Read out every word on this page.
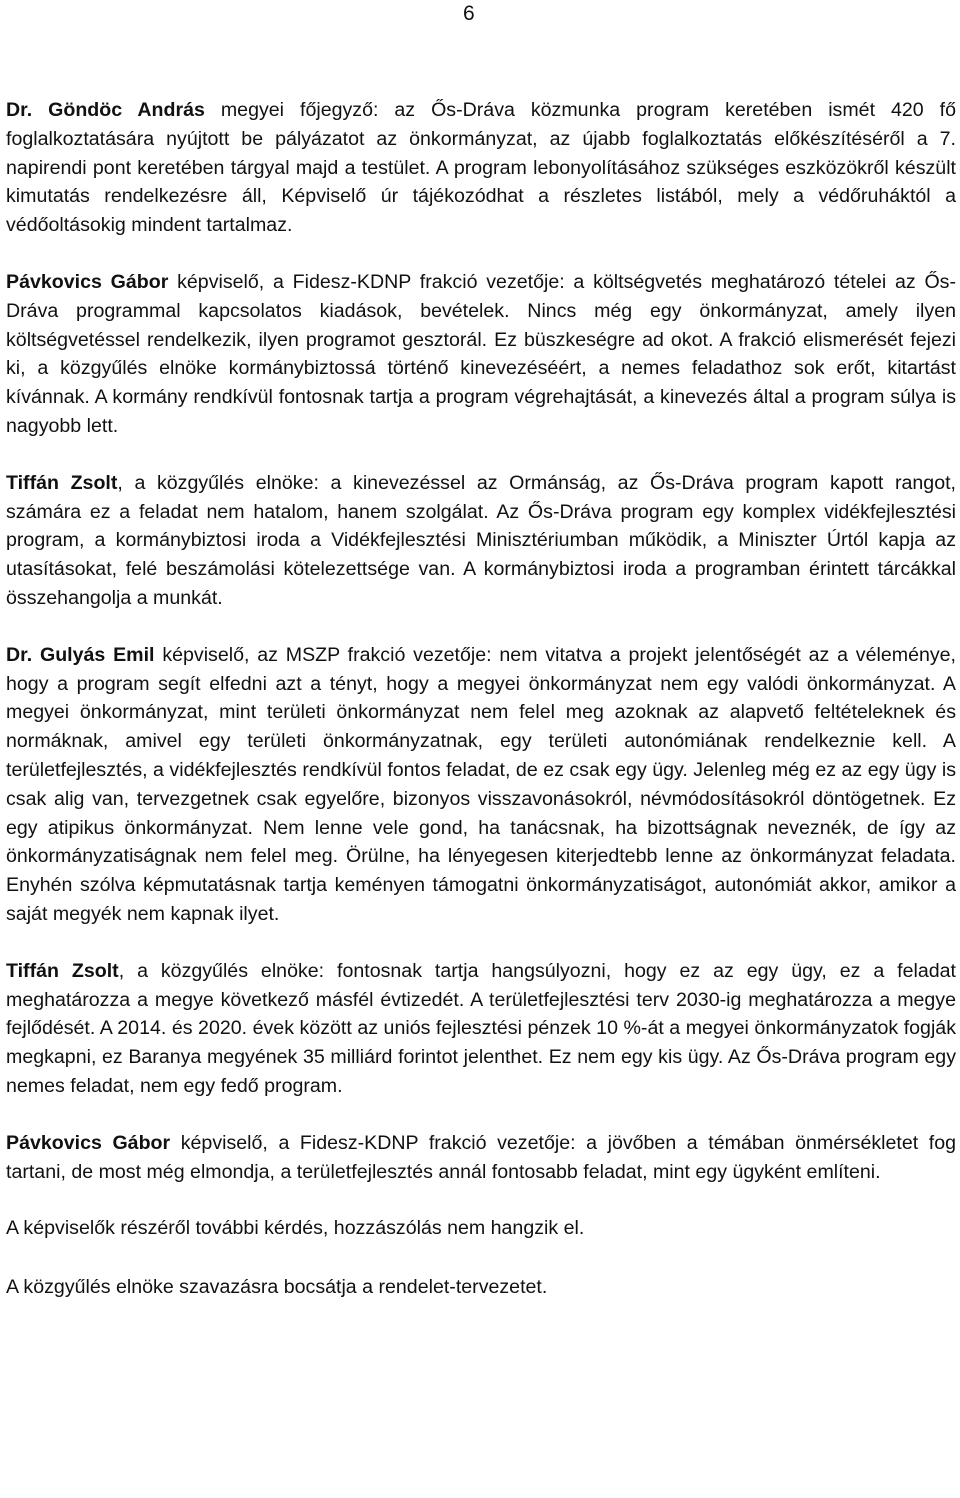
6

Dr. Göndöc András megyei főjegyző: az Ős-Dráva közmunka program keretében ismét 420 fő foglalkoztatására nyújtott be pályázatot az önkormányzat, az újabb foglalkoztatás előkészítéséről a 7. napirendi pont keretében tárgyal majd a testület. A program lebonyolításához szükséges eszközökről készült kimutatás rendelkezésre áll, Képviselő úr tájékozódhat a részletes listából, mely a védőruháktól a védőoltásokig mindent tartalmaz.

Pávkovics Gábor képviselő, a Fidesz-KDNP frakció vezetője: a költségvetés meghatározó tételei az Ős-Dráva programmal kapcsolatos kiadások, bevételek. Nincs még egy önkormányzat, amely ilyen költségvetéssel rendelkezik, ilyen programot gesztorál. Ez büszkeségre ad okot. A frakció elismerését fejezi ki, a közgyűlés elnöke kormánybiztossá történő kinevezéséért, a nemes feladathoz sok erőt, kitartást kívánnak. A kormány rendkívül fontosnak tartja a program végrehajtását, a kinevezés által a program súlya is nagyobb lett.

Tiffán Zsolt, a közgyűlés elnöke: a kinevezéssel az Ormánság, az Ős-Dráva program kapott rangot, számára ez a feladat nem hatalom, hanem szolgálat. Az Ős-Dráva program egy komplex vidékfejlesztési program, a kormánybiztosi iroda a Vidékfejlesztési Minisztériumban működik, a Miniszter Úrtól kapja az utasításokat, felé beszámolási kötelezettsége van. A kormánybiztosi iroda a programban érintett tárcákkal összehangolja a munkát.

Dr. Gulyás Emil képviselő, az MSZP frakció vezetője: nem vitatva a projekt jelentőségét az a véleménye, hogy a program segít elfedni azt a tényt, hogy a megyei önkormányzat nem egy valódi önkormányzat. A megyei önkormányzat, mint területi önkormányzat nem felel meg azoknak az alapvető feltételeknek és normáknak, amivel egy területi önkormányzatnak, egy területi autonómiának rendelkeznie kell. A területfejlesztés, a vidékfejlesztés rendkívül fontos feladat, de ez csak egy ügy. Jelenleg még ez az egy ügy is csak alig van, tervezgetnek csak egyelőre, bizonyos visszavonásokról, névmódosításokról döntögetnek. Ez egy atipikus önkormányzat. Nem lenne vele gond, ha tanácsnak, ha bizottságnak neveznék, de így az önkormányzatiságnak nem felel meg. Örülne, ha lényegesen kiterjedtebb lenne az önkormányzat feladata. Enyhén szólva képmutatásnak tartja keményen támogatni önkormányzatiságot, autonómiát akkor, amikor a saját megyék nem kapnak ilyet.

Tiffán Zsolt, a közgyűlés elnöke: fontosnak tartja hangsúlyozni, hogy ez az egy ügy, ez a feladat meghatározza a megye következő másfél évtizedét. A területfejlesztési terv 2030-ig meghatározza a megye fejlődését. A 2014. és 2020. évek között az uniós fejlesztési pénzek 10 %-át a megyei önkormányzatok fogják megkapni, ez Baranya megyének 35 milliárd forintot jelenthet. Ez nem egy kis ügy. Az Ős-Dráva program egy nemes feladat, nem egy fedő program.

Pávkovics Gábor képviselő, a Fidesz-KDNP frakció vezetője: a jövőben a témában önmérsékletet fog tartani, de most még elmondja, a területfejlesztés annál fontosabb feladat, mint egy ügyként említeni.

A képviselők részéről további kérdés, hozzászólás nem hangzik el.

A közgyűlés elnöke szavazásra bocsátja a rendelet-tervezetet.
